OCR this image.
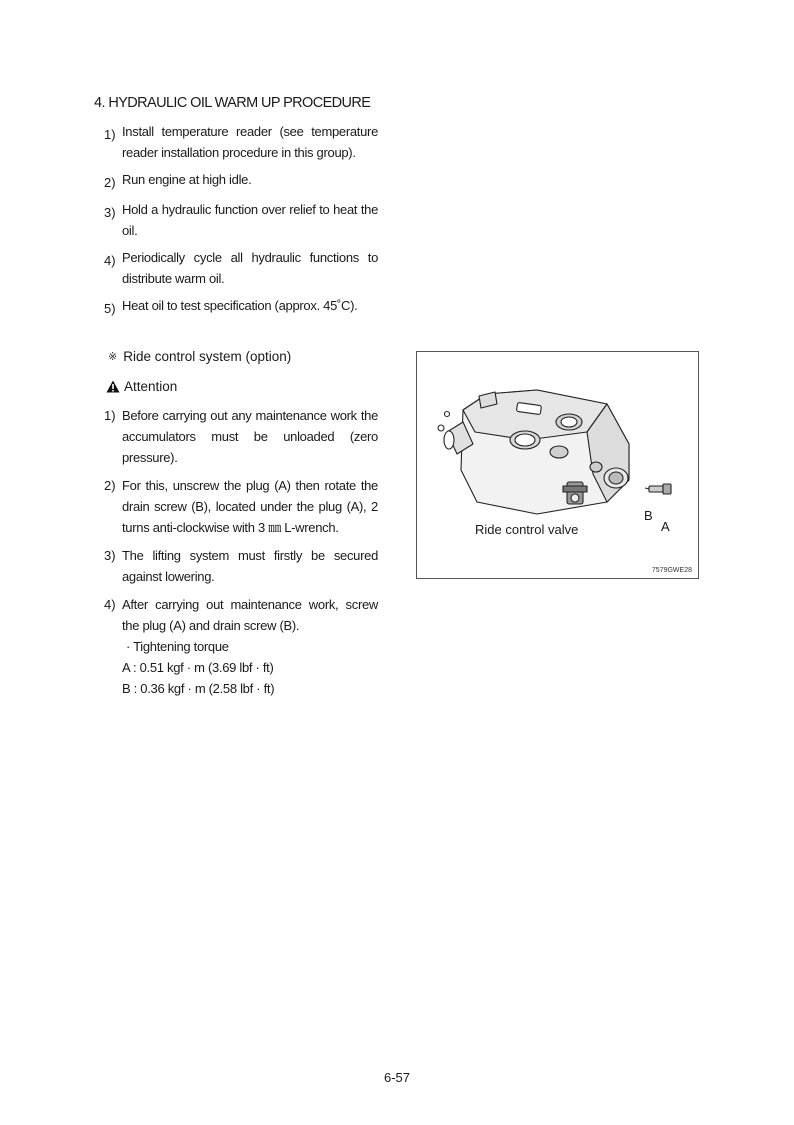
4. HYDRAULIC OIL WARM UP PROCEDURE
1) Install temperature reader (see temperature reader installation procedure in this group).
2) Run engine at high idle.
3) Hold a hydraulic function over relief to heat the oil.
4) Periodically cycle all hydraulic functions to distribute warm oil.
5) Heat oil to test specification (approx. 45˚C).
※ Ride control system (option)
Attention
1) Before carrying out any maintenance work the accumulators must be unloaded (zero pressure).
2) For this, unscrew the plug (A) then rotate the drain screw (B), located under the plug (A), 2 turns anti-clockwise with 3 ㎜ L-wrench.
3) The lifting system must firstly be secured against lowering.
4) After carrying out maintenance work, screw the plug (A) and drain screw (B).
· Tightening torque
A : 0.51 kgf · m (3.69 lbf · ft)
B : 0.36 kgf · m (2.58 lbf · ft)
Ride control valve
B
A
7579GWE28
6-57
